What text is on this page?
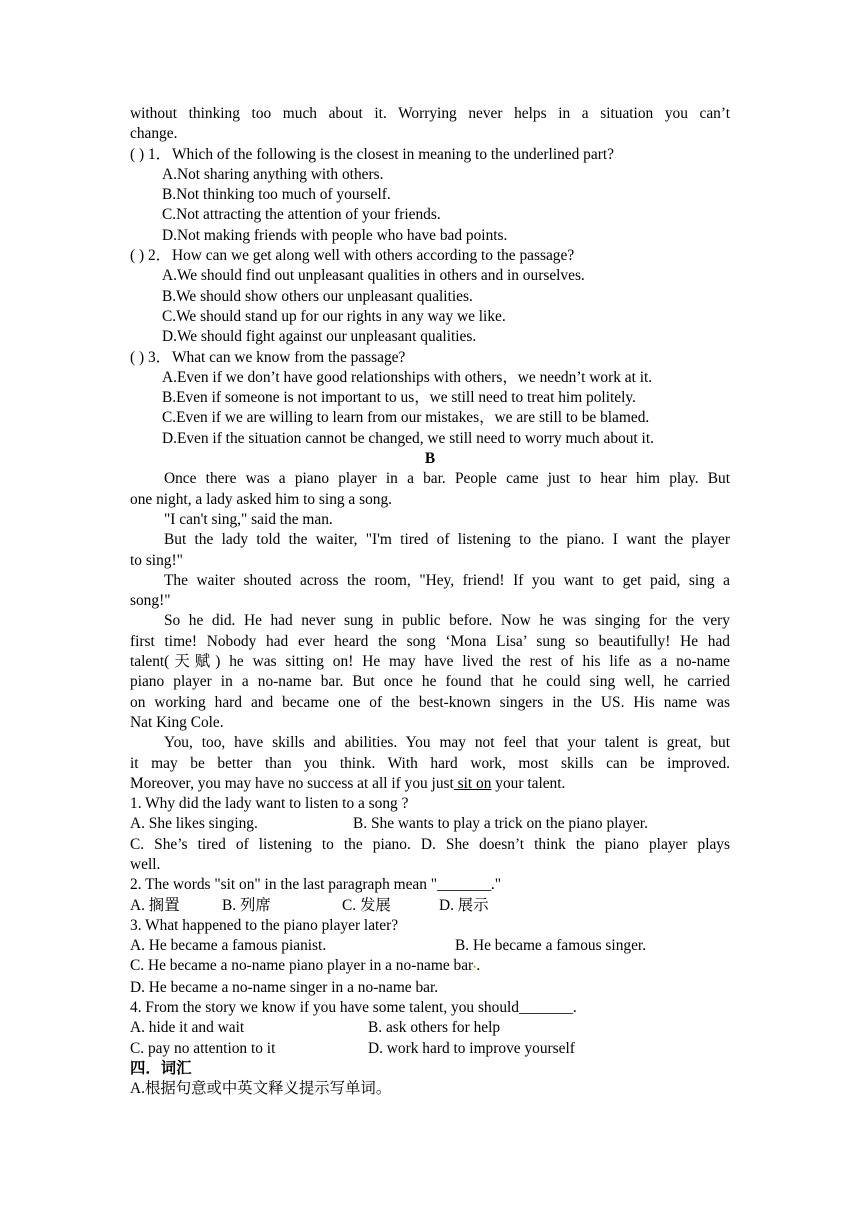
without thinking too much about it. Worrying never helps in a situation you can’t

change.

( ) 1．Which of the following is the closest in meaning to the underlined part?

A.Not sharing anything with others.

B.Not thinking too much of yourself.

C.Not attracting the attention of your friends.

D.Not making friends with people who have bad points.

( ) 2．How can we get along well with others according to the passage?

A.We should find out unpleasant qualities in others and in ourselves.

B.We should show others our unpleasant qualities.

C.We should stand up for our rights in any way we like.

D.We should fight against our unpleasant qualities.

( ) 3．What can we know from the passage?

A.Even if we don’t have good relationships with others，we needn’t work at it.

B.Even if someone is not important to us，we still need to treat him politely.

C.Even if we are willing to learn from our mistakes，we are still to be blamed.

D.Even if the situation cannot be changed, we still need to worry much about it.

B

Once there was a piano player in a bar. People came just to hear him play. But

one night, a lady asked him to sing a song.

"I can't sing," said the man.

But the lady told the waiter, "I'm tired of listening to the piano. I want the player

to sing!"

The waiter shouted across the room, "Hey, friend! If you want to get paid, sing a

song!"

So he did. He had never sung in public before. Now he was singing for the very

first time! Nobody had ever heard the song ‘Mona Lisa’ sung so beautifully! He had

talent(天赋) he was sitting on! He may have lived the rest of his life as a no-name

piano player in a no-name bar. But once he found that he could sing well, he carried

on working hard and became one of the best-known singers in the US. His name was

Nat King Cole.

You, too, have skills and abilities. You may not feel that your talent is great, but

it may be better than you think. With hard work, most skills can be improved.

Moreover, you may have no success at all if you just sit on your talent.

1. Why did the lady want to listen to a song ?

A. She likes singing.	B. She wants to play a trick on the piano player.

C. She’s tired of listening to the piano. D. She doesn’t think the piano player plays

well.

2. The words "sit on" in the last paragraph mean "_______."

A. 搁置	B. 列席	C. 发展	D. 展示

3. What happened to the piano player later?

A. He became a famous pianist.	B. He became a famous singer.

C. He became a no-name piano player in a no-name bar•.

D. He became a no-name singer in a no-name bar.

4. From the story we know if you have some talent, you should_______.

A. hide it and wait	B. ask others for help
C. pay no attention to it	D. work hard to improve yourself

四．词汇

A.根据句意或中英文释义提示写单词。
